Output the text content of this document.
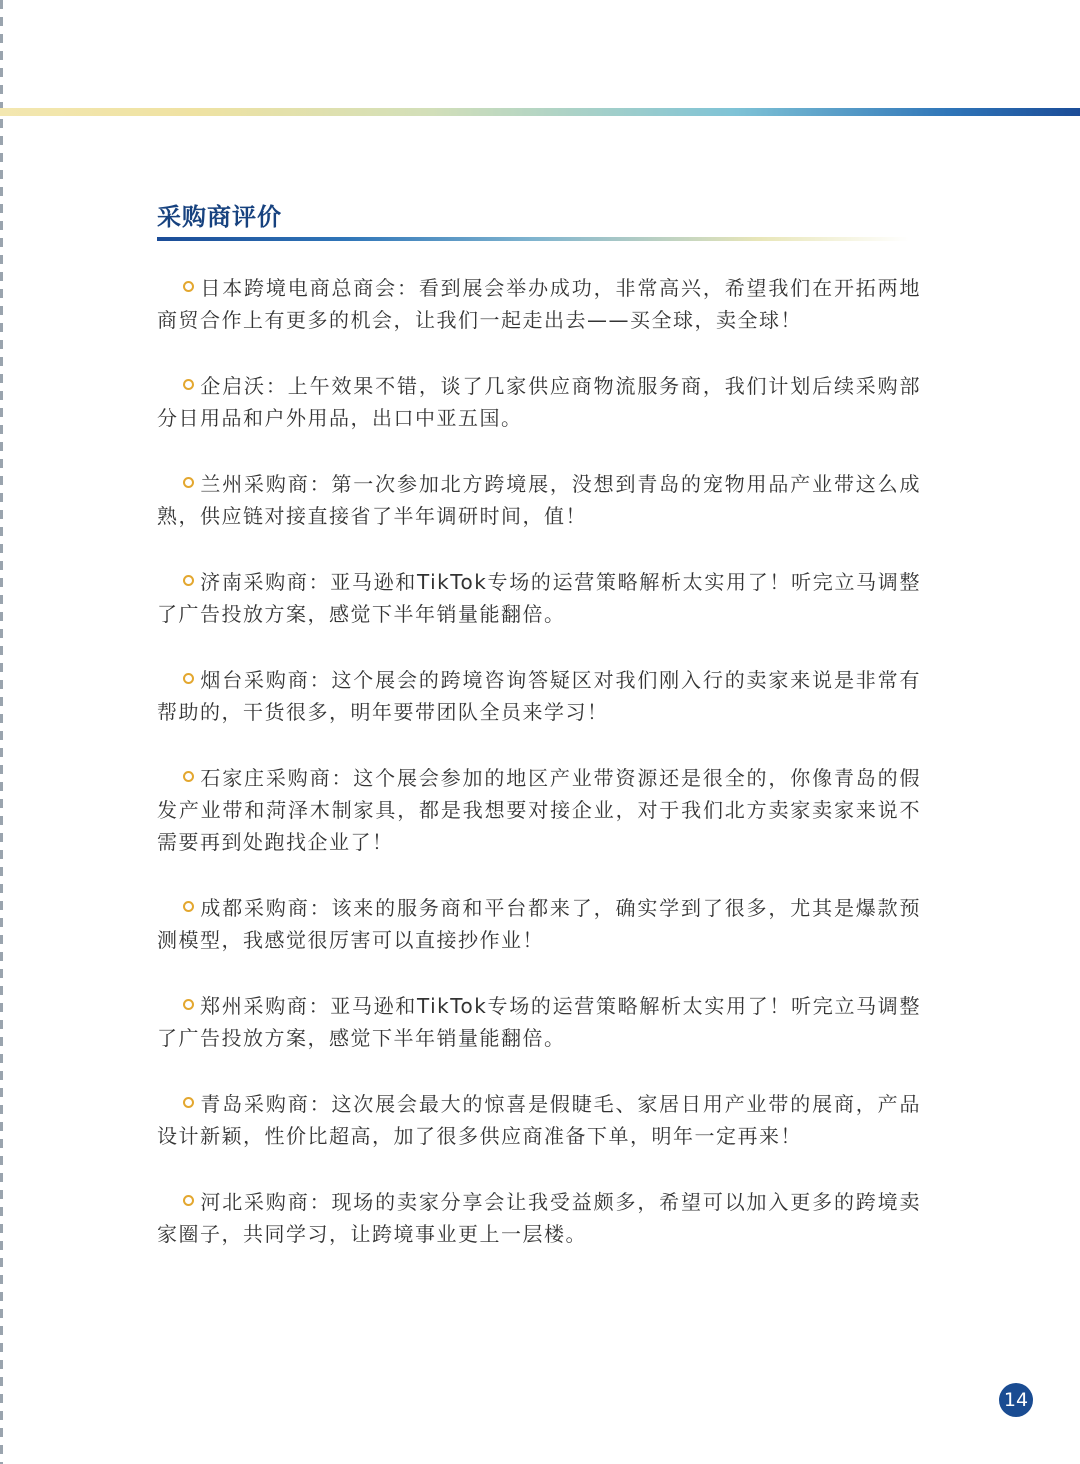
采购商评价
日本跨境电商总商会：看到展会举办成功，非常高兴，希望我们在开拓两地商贸合作上有更多的机会，让我们一起走出去——买全球，卖全球！
企启沃：上午效果不错，谈了几家供应商物流服务商，我们计划后续采购部分日用品和户外用品，出口中亚五国。
兰州采购商：第一次参加北方跨境展，没想到青岛的宠物用品产业带这么成熟，供应链对接直接省了半年调研时间，值！
济南采购商：亚马逊和TikTok专场的运营策略解析太实用了！听完立马调整了广告投放方案，感觉下半年销量能翻倍。
烟台采购商：这个展会的跨境咨询答疑区对我们刚入行的卖家来说是非常有帮助的，干货很多，明年要带团队全员来学习！
石家庄采购商：这个展会参加的地区产业带资源还是很全的，你像青岛的假发产业带和菏泽木制家具，都是我想要对接企业，对于我们北方卖家卖家来说不需要再到处跑找企业了！
成都采购商：该来的服务商和平台都来了，确实学到了很多，尤其是爆款预测模型，我感觉很厉害可以直接抄作业！
郑州采购商：亚马逊和TikTok专场的运营策略解析太实用了！听完立马调整了广告投放方案，感觉下半年销量能翻倍。
青岛采购商：这次展会最大的惊喜是假睫毛、家居日用产业带的展商，产品设计新颖，性价比超高，加了很多供应商准备下单，明年一定再来！
河北采购商：现场的卖家分享会让我受益颇多，希望可以加入更多的跨境卖家圈子，共同学习，让跨境事业更上一层楼。
14
